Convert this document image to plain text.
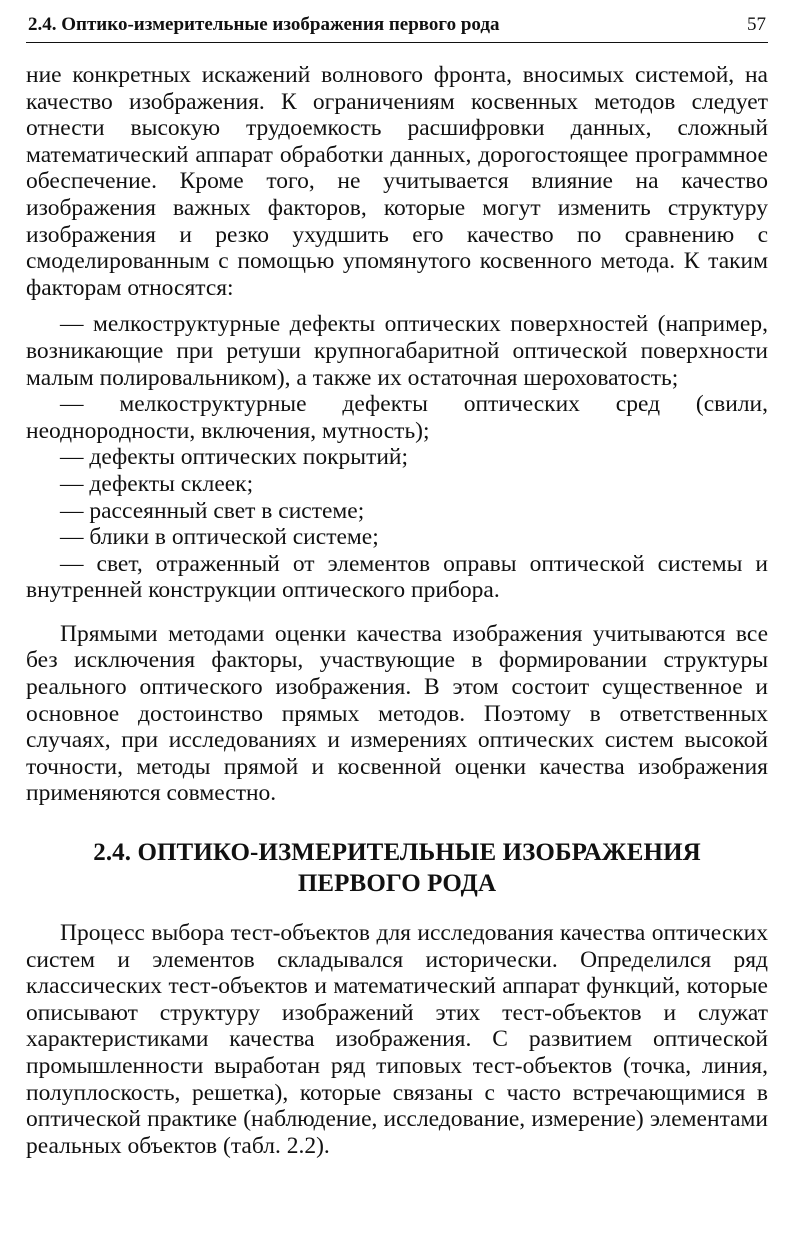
2.4. Оптико-измерительные изображения первого рода	57

ние конкретных искажений волнового фронта, вносимых системой, на качество изображения. К ограничениям косвенных методов следует отнести высокую трудоемкость расшифровки данных, сложный математический аппарат обработки данных, дорогостоящее программное обеспечение. Кроме того, не учитывается влияние на качество изображения важных факторов, которые могут изменить структуру изображения и резко ухудшить его качество по сравнению с смоделированным с помощью упомянутого косвенного метода. К таким факторам относятся:

— мелкоструктурные дефекты оптических поверхностей (например, возникающие при ретуши крупногабаритной оптической поверхности малым полировальником), а также их остаточная шероховатость;

— мелкоструктурные дефекты оптических сред (свили, неоднородности, включения, мутность);

— дефекты оптических покрытий;

— дефекты склеек;

— рассеянный свет в системе;

— блики в оптической системе;

— свет, отраженный от элементов оправы оптической системы и внутренней конструкции оптического прибора.

Прямыми методами оценки качества изображения учитываются все без исключения факторы, участвующие в формировании структуры реального оптического изображения. В этом состоит существенное и основное достоинство прямых методов. Поэтому в ответственных случаях, при исследованиях и измерениях оптических систем высокой точности, методы прямой и косвенной оценки качества изображения применяются совместно.

2.4. ОПТИКО-ИЗМЕРИТЕЛЬНЫЕ ИЗОБРАЖЕНИЯ
ПЕРВОГО РОДА

Процесс выбора тест-объектов для исследования качества оптических систем и элементов складывался исторически. Определился ряд классических тест-объектов и математический аппарат функций, которые описывают структуру изображений этих тест-объектов и служат характеристиками качества изображения. С развитием оптической промышленности выработан ряд типовых тест-объектов (точка, линия, полуплоскость, решетка), которые связаны с часто встречающимися в оптической практике (наблюдение, исследование, измерение) элементами реальных объектов (табл. 2.2).
